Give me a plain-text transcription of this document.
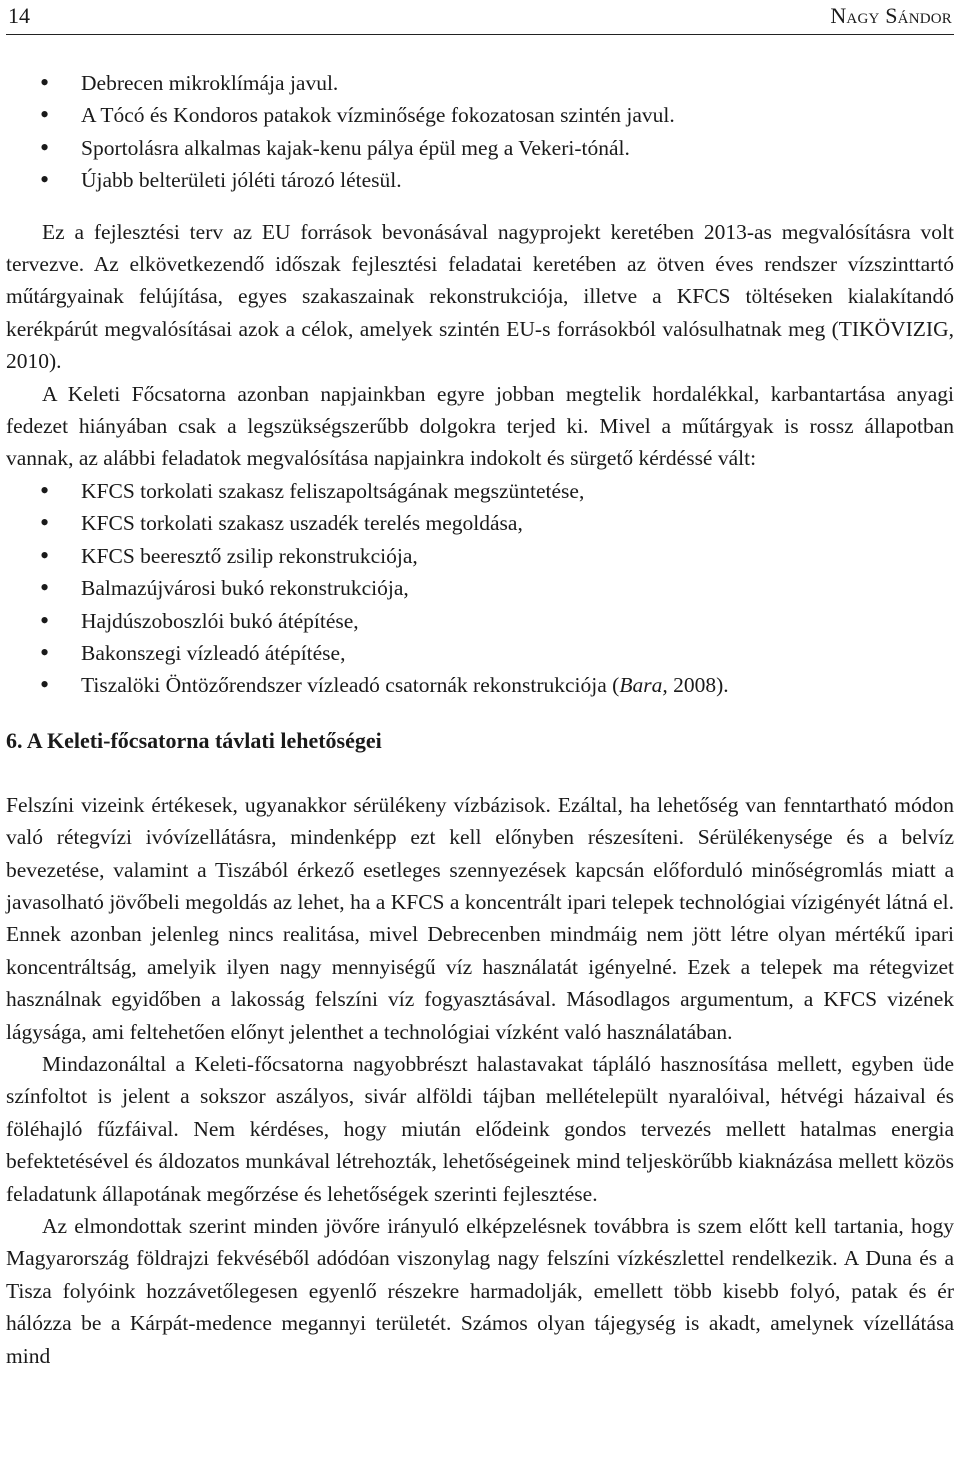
14	Nagy Sándor
• Debrecen mikroklímája javul.
• A Tócó és Kondoros patakok vízminősége fokozatosan szintén javul.
• Sportolásra alkalmas kajak-kenu pálya épül meg a Vekeri-tónál.
• Újabb belterületi jóléti tározó létesül.

Ez a fejlesztési terv az EU források bevonásával nagyprojekt keretében 2013-as megvalósításra volt tervezve. Az elkövetkezendő időszak fejlesztési feladatai keretében az ötven éves rendszer vízszinttartó műtárgyainak felújítása, egyes szakaszainak rekonstrukciója, illetve a KFCS töltéseken kialakítandó kerékpárút megvalósításai azok a célok, amelyek szintén EU-s forrásokból valósulhatnak meg (TIKÖVIZIG, 2010).

A Keleti Főcsatorna azonban napjainkban egyre jobban megtelik hordalékkal, karbantartása anyagi fedezet hiányában csak a legszükségszerűbb dolgokra terjed ki. Mivel a műtárgyak is rossz állapotban vannak, az alábbi feladatok megvalósítása napjainkra indokolt és sürgető kérdéssé vált:

• KFCS torkolati szakasz feliszapoltságának megszüntetése,
• KFCS torkolati szakasz uszadék terelés megoldása,
• KFCS beeresztő zsilip rekonstrukciója,
• Balmazújvárosi bukó rekonstrukciója,
• Hajdúszoboszlói bukó átépítése,
• Bakonszegi vízleadó átépítése,
• Tiszalöki Öntözőrendszer vízleadó csatornák rekonstrukciója (Bara, 2008).
6. A Keleti-főcsatorna távlati lehetőségei

Felszíni vizeink értékesek, ugyanakkor sérülékeny vízbázisok. Ezáltal, ha lehetőség van fenntartható módon való rétegvízi ivóvízellátásra, mindenképp ezt kell előnyben részesíteni. Sérülékenysége és a belvíz bevezetése, valamint a Tiszából érkező esetleges szennyezések kapcsán előforduló minőségromlás miatt a javasolható jövőbeli megoldás az lehet, ha a KFCS a koncentrált ipari telepek technológiai vízigényét látná el. Ennek azonban jelenleg nincs realitása, mivel Debrecenben mindmáig nem jött létre olyan mértékű ipari koncentráltság, amelyik ilyen nagy mennyiségű víz használatát igényelné. Ezek a telepek ma rétegvizet használnak egyidőben a lakosság felszíni víz fogyasztásával. Másodlagos argumentum, a KFCS vizének lágysága, ami feltehetően előnyt jelenthet a technológiai vízként való használatában.

Mindazonáltal a Keleti-főcsatorna nagyobbrészt halastavakat tápláló hasznosítása mellett, egyben üde színfoltot is jelent a sokszor aszályos, sivár alföldi tájban mellételepült nyaralóival, hétvégi házaival és föléhajló fűzfáival. Nem kérdéses, hogy miután elődeink gondos tervezés mellett hatalmas energia befektetésével és áldozatos munkával létrehozták, lehetőségeinek mind teljeskörűbb kiaknázása mellett közös feladatunk állapotának megőrzése és lehetőségek szerinti fejlesztése.

Az elmondottak szerint minden jövőre irányuló elképzelésnek továbbra is szem előtt kell tartania, hogy Magyarország földrajzi fekvéséből adódóan viszonylag nagy felszíni vízkészlettel rendelkezik. A Duna és a Tisza folyóink hozzávetőlegesen egyenlő részekre harmadolják, emellett több kisebb folyó, patak és ér hálózza be a Kárpát-medence megannyi területét. Számos olyan tájegység is akadt, amelynek vízellátása mind
